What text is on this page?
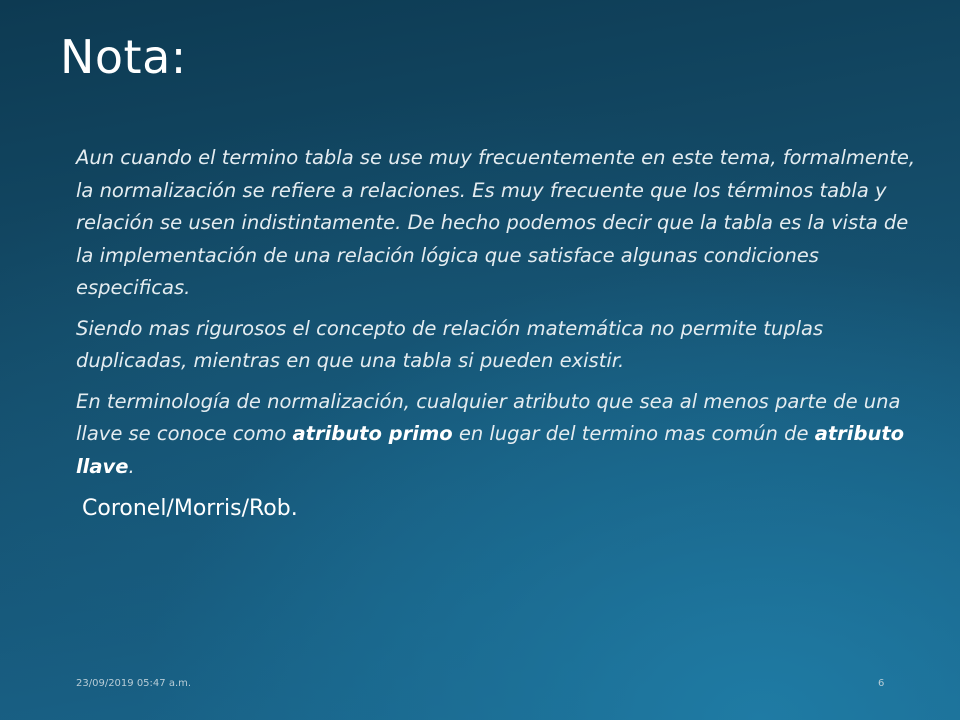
Nota:

Aun cuando el termino tabla se use muy frecuentemente en este tema, formalmente, la normalización se refiere a relaciones. Es muy frecuente que los términos tabla y relación se usen indistintamente. De hecho podemos decir que la tabla es la vista de la implementación de una relación lógica que satisface algunas condiciones especificas.

Siendo mas rigurosos el concepto de relación matemática no permite tuplas duplicadas, mientras en que una tabla si pueden existir.

En terminología de normalización, cualquier atributo que sea al menos parte de una llave se conoce como atributo primo en lugar del termino mas común de atributo llave.

Coronel/Morris/Rob.

23/09/2019 05:47 a.m.	6
